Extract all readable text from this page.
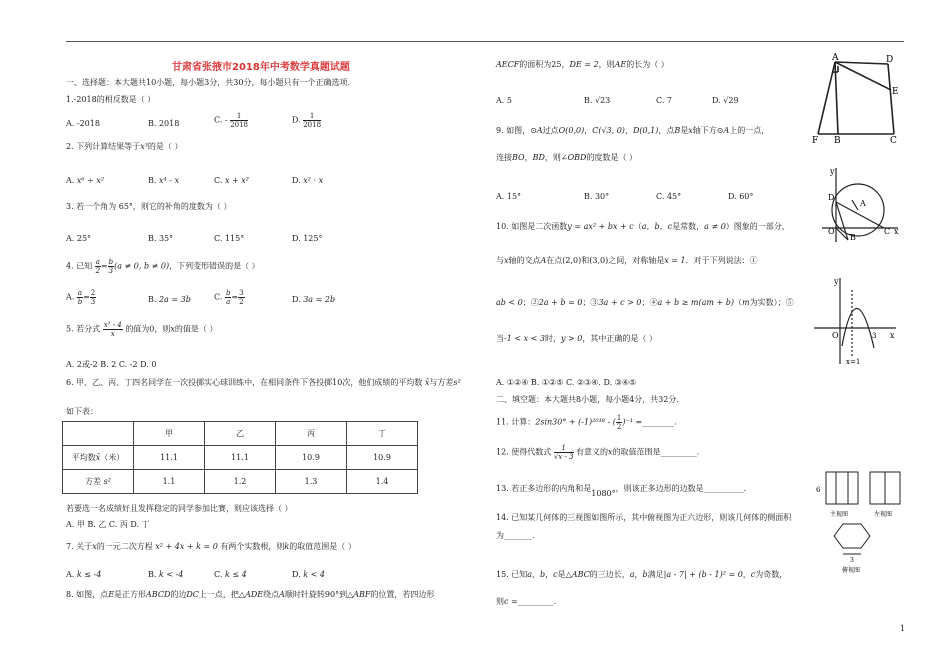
甘肃省张掖市2018年中考数学真题试题
一、选择题：本大题共10小题，每小题3分，共30分，每小题只有一个正确选项.
1.-2018的相反数是（ ）
A. -2018	B. 2018	C. - $\frac{1}{2018}$	D. $\frac{1}{2018}$
2. 下列计算结果等于x³的是（ ）
A. x⁶ ÷ x²	B. x⁴ - x	C. x + x²	D. x² · x
3. 若一个角为 65°，则它的补角的度数为（ ）
A. 25°	B. 35°	C. 115°	D. 125°
4. 已知 $\frac{a}{2} = \frac{b}{3} (a \ne 0$, b ≠ 0)，下列变形错误的是（ ）
A. $\frac{a}{b} = \frac{2}{3}$	B. 2a = 3b	C. $\frac{b}{a} = \frac{3}{2}$	D. 3a = 2b
5. 若分式 $\frac{\text{x² - 4}}{x}$ 的值为0，则x的值是（ ）
A. 2或-2 B. 2 C. -2 D. 0
6. 甲、乙、丙、丁四名同学在一次投掷实心球训练中，在相同条件下各投掷10次，他们成绩的平均数 x̄与方差s²
如下表：
	甲	乙	丙	丁
平均数x̄（米）	11.1	11.1	10.9	10.9
方差 s²	1.1	1.2	1.3	1.4
若要选一名成绩好且发挥稳定的同学参加比赛，则应该选择（ ）
A. 甲 B. 乙 C. 丙 D. 丁
7. 关于x的一元二次方程 x² + 4x + k = 0 有两个实数根，则k的取值范围是（ ）
A. k ≤ -4	B. k < -4	C. k ≤ 4	D. k < 4
8. 如图，点E是正方形ABCD的边DC上一点，把△ADE绕点A顺时针旋转90°到△ABF的位置，若四边形
AECF的面积为25，DE = 2，则AE的长为（ ）
A. 5	B. √23	C. 7	D. √29
9. 如图，⊙A过点O(0,0)，C(√3, 0)，D(0,1)，点B是x轴下方⊙A上的一点，
连接BO，BD，则∠OBD的度数是（ ）
A. 15°	B. 30°	C. 45°	D. 60°
10. 如图是二次函数y = ax² + bx + c（a，b，c是常数，a ≠ 0）图象的一部分，
与x轴的交点A在点(2,0)和(3,0)之间，对称轴是x = 1．对于下列说法：①
ab < 0；②2a + b = 0；③3a + c > 0；④a + b ≥ m(am + b)（m为实数）；⑤
当-1 < x < 3时，y > 0，其中正确的是（ ）
A. ①②④ B. ①②⑤ C. ②③④. D. ③④⑤
二、填空题：本大题共8小题，每小题4分，共32分.
11. 计算：2sin30° + (-1)²⁰¹⁸ - ( $\frac{1}{2} )^{-1}$ =________.
12. 使得代数式 $\frac{1}{√x - 3}$ 有意义的x的取值范围是_________.
13. 若正多边形的内角和是1080°，则该正多边形的边数是__________.
14. 已知某几何体的三视图如图所示，其中俯视图为正六边形，则该几何体的侧面积
为_______.
15. 已知a，b，c是△ABC的三边长，a，b满足|a - 7| + (b - 1)² = 0，c为奇数，
则c =_________.
A	D
E
F B	C
y
D
A
O	C x
B
y
O	3 x
x=1
6
主视图	左视图
3
俯视图
1
